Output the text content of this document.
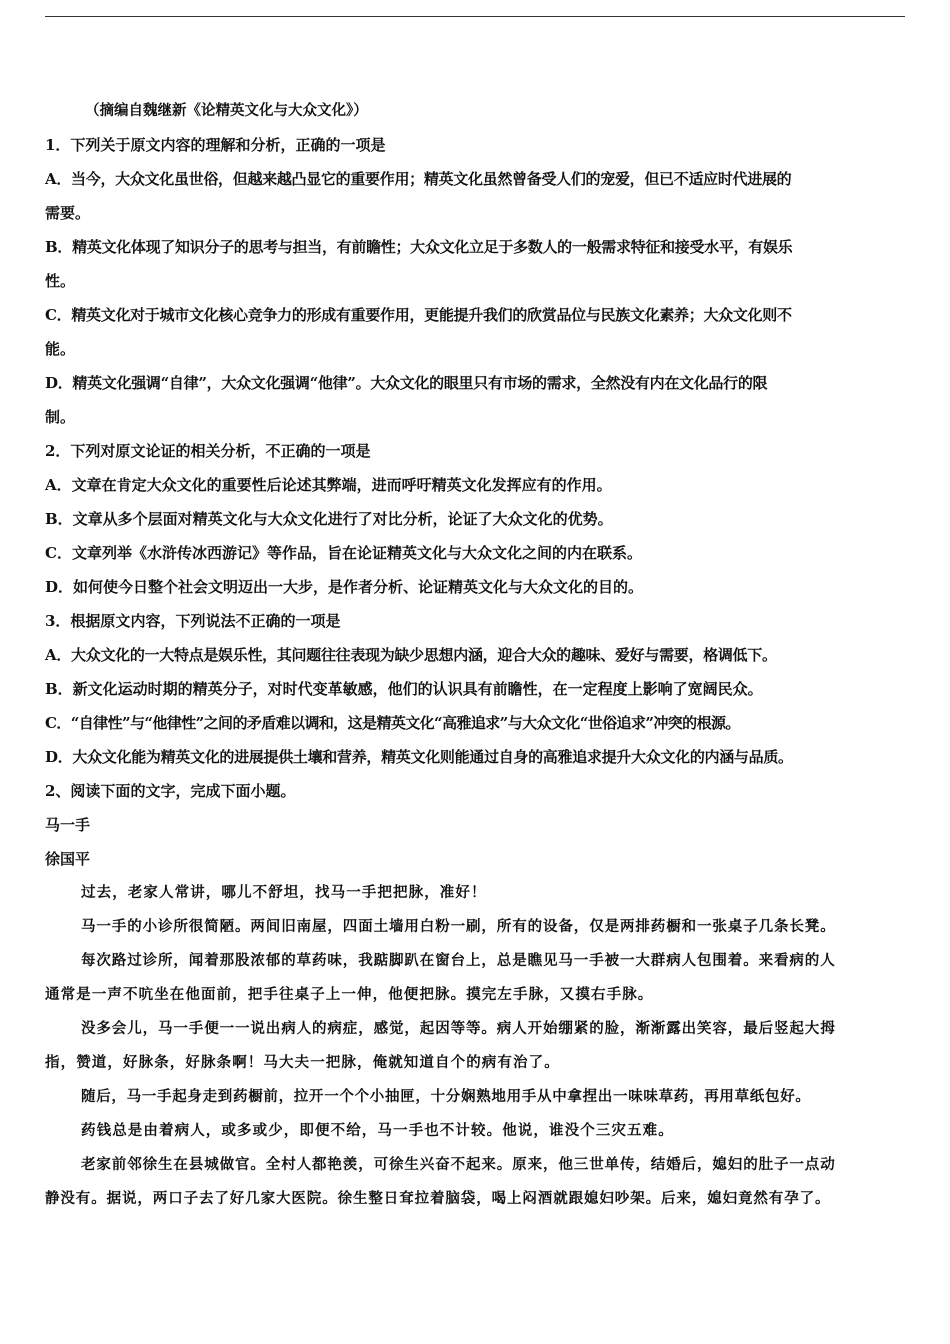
（摘编自魏继新《论精英文化与大众文化》）
1．下列关于原文内容的理解和分析，正确的一项是
A．当今，大众文化虽世俗，但越来越凸显它的重要作用；精英文化虽然曾备受人们的宠爱，但已不适应时代进展的
需要。
B．精英文化体现了知识分子的思考与担当，有前瞻性；大众文化立足于多数人的一般需求特征和接受水平，有娱乐
性。
C．精英文化对于城市文化核心竞争力的形成有重要作用，更能提升我们的欣赏品位与民族文化素养；大众文化则不
能。
D．精英文化强调“自律”，大众文化强调“他律”。大众文化的眼里只有市场的需求，全然没有内在文化品行的限
制。
2．下列对原文论证的相关分析，不正确的一项是
A．文章在肯定大众文化的重要性后论述其弊端，进而呼吁精英文化发挥应有的作用。
B．文章从多个层面对精英文化与大众文化进行了对比分析，论证了大众文化的优势。
C．文章列举《水浒传冰西游记》等作品，旨在论证精英文化与大众文化之间的内在联系。
D．如何使今日整个社会文明迈出一大步，是作者分析、论证精英文化与大众文化的目的。
3．根据原文内容，下列说法不正确的一项是
A．大众文化的一大特点是娱乐性，其问题往往表现为缺少思想内涵，迎合大众的趣味、爱好与需要，格调低下。
B．新文化运动时期的精英分子，对时代变革敏感，他们的认识具有前瞻性，在一定程度上影响了宽阔民众。
C．“自律性”与“他律性”之间的矛盾难以调和，这是精英文化“高雅追求”与大众文化“世俗追求”冲突的根源。
D．大众文化能为精英文化的进展提供土壤和营养，精英文化则能通过自身的高雅追求提升大众文化的内涵与品质。
2、阅读下面的文字，完成下面小题。
马一手
徐国平
过去，老家人常讲，哪儿不舒坦，找马一手把把脉，准好！
马一手的小诊所很简陋。两间旧南屋，四面土墙用白粉一刷，所有的设备，仅是两排药橱和一张桌子几条长凳。
每次路过诊所，闻着那股浓郁的草药味，我踮脚趴在窗台上，总是瞧见马一手被一大群病人包围着。来看病的人
通常是一声不吭坐在他面前，把手往桌子上一伸，他便把脉。摸完左手脉，又摸右手脉。
没多会儿，马一手便一一说出病人的病症，感觉，起因等等。病人开始绷紧的脸，渐渐露出笑容，最后竖起大拇
指，赞道，好脉条，好脉条啊！马大夫一把脉，俺就知道自个的病有治了。
随后，马一手起身走到药橱前，拉开一个个小抽匣，十分娴熟地用手从中拿捏出一味味草药，再用草纸包好。
药钱总是由着病人，或多或少，即便不给，马一手也不计较。他说，谁没个三灾五难。
老家前邻徐生在县城做官。全村人都艳羡，可徐生兴奋不起来。原来，他三世单传，结婚后，媳妇的肚子一点动
静没有。据说，两口子去了好几家大医院。徐生整日耷拉着脑袋，喝上闷酒就跟媳妇吵架。后来，媳妇竟然有孕了。
